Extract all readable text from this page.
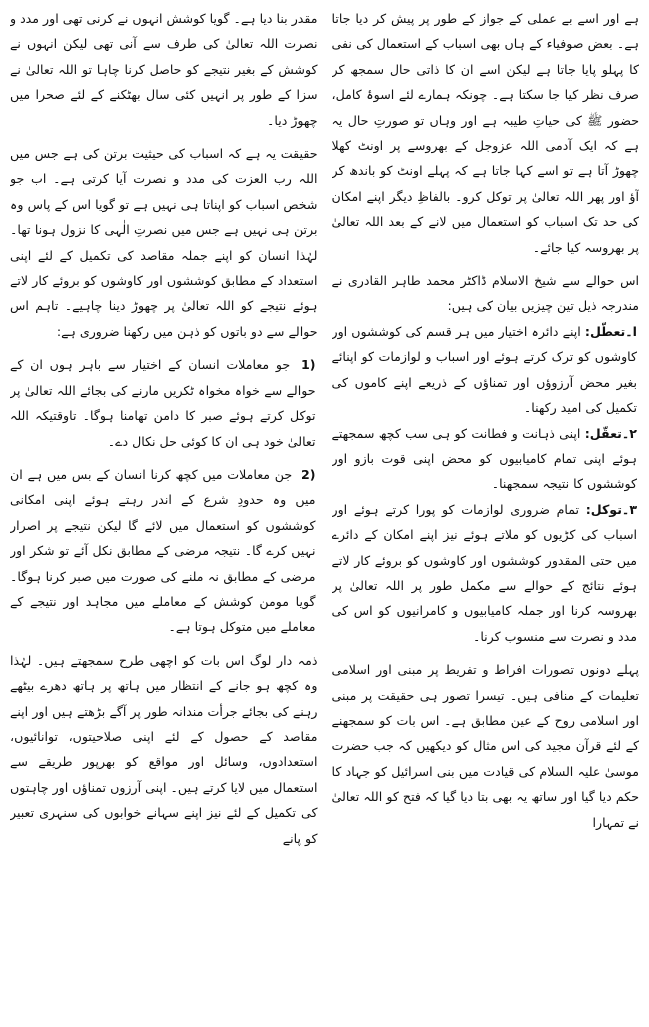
ہے اور اسے بے عملی کے جواز کے طور پر پیش کر دیا جاتا ہے۔ بعض صوفیاء کے ہاں بھی اسباب کے استعمال کی نفی کا پہلو پایا جاتا ہے لیکن اسے ان کا ذاتی حال سمجھ کر صرف نظر کیا جا سکتا ہے۔ چونکہ ہمارے لئے اسوۂ کامل، حضور ﷺ کی حیاتِ طیبہ ہے اور وہاں تو صورتِ حال یہ ہے کہ ایک آدمی اللہ عزوجل کے بھروسے پر اونٹ کھلا چھوڑ آتا ہے تو اسے کہا جاتا ہے کہ پہلے اونٹ کو باندھ کر آؤ اور پھر اللہ تعالیٰ پر توکل کرو۔ بالفاظِ دیگر اپنے امکان کی حد تک اسباب کو استعمال میں لانے کے بعد اللہ تعالیٰ پر بھروسہ کیا جائے۔

اس حوالے سے شیخ الاسلام ڈاکٹر محمد طاہر القادری نے مندرجہ ذیل تین چیزیں بیان کی ہیں:

ا۔تعطّل: اپنے دائرہ اختیار میں ہر قسم کی کوششوں اور کاوشوں کو ترک کرتے ہوئے اور اسباب و لوازمات کو اپنائے بغیر محض آرزوؤں اور تمناؤں کے ذریعے اپنے کاموں کی تکمیل کی امید رکھنا۔

۲۔تعقّل: اپنی ذہانت و فطانت کو ہی سب کچھ سمجھتے ہوئے اپنی تمام کامیابیوں کو محض اپنی قوت بازو اور کوششوں کا نتیجہ سمجھنا۔

۳۔توکل: تمام ضروری لوازمات کو پورا کرتے ہوئے اور اسباب کی کڑیوں کو ملاتے ہوئے نیز اپنے امکان کے دائرے میں حتی المقدور کوششوں اور کاوشوں کو بروئے کار لاتے ہوئے نتائج کے حوالے سے مکمل طور پر اللہ تعالیٰ پر بھروسہ کرنا اور جملہ کامیابیوں و کامرانیوں کو اس کی مدد و نصرت سے منسوب کرنا۔

پہلے دونوں تصورات افراط و تفریط پر مبنی اور اسلامی تعلیمات کے منافی ہیں۔ تیسرا تصور ہی حقیقت پر مبنی اور اسلامی روح کے عین مطابق ہے۔ اس بات کو سمجھنے کے لئے قرآن مجید کی اس مثال کو دیکھیں کہ جب حضرت موسیٰ علیہ السلام کی قیادت میں بنی اسرائیل کو جہاد کا حکم دیا گیا اور ساتھ یہ بھی بتا دیا گیا کہ فتح کو اللہ تعالیٰ نے تمہارا

مقدر بنا دیا ہے۔ گویا کوشش انہوں نے کرنی تھی اور مدد و نصرت اللہ تعالیٰ کی طرف سے آنی تھی لیکن انہوں نے کوشش کے بغیر نتیجے کو حاصل کرنا چاہا تو اللہ تعالیٰ نے سزا کے طور پر انہیں کئی سال بھٹکنے کے لئے صحرا میں چھوڑ دیا۔

حقیقت یہ ہے کہ اسباب کی حیثیت برتن کی ہے جس میں اللہ رب العزت کی مدد و نصرت آیا کرتی ہے۔ اب جو شخص اسباب کو اپناتا ہی نہیں ہے تو گویا اس کے پاس وہ برتن ہی نہیں ہے جس میں نصرتِ الٰہی کا نزول ہونا تھا۔ لہٰذا انسان کو اپنے جملہ مقاصد کی تکمیل کے لئے اپنی استعداد کے مطابق کوششوں اور کاوشوں کو بروئے کار لاتے ہوئے نتیجے کو اللہ تعالیٰ پر چھوڑ دینا چاہیے۔ تاہم اس حوالے سے دو باتوں کو ذہن میں رکھنا ضروری ہے:

(1 جو معاملات انسان کے اختیار سے باہر ہوں ان کے حوالے سے خواہ مخواہ ٹکریں مارنے کی بجائے اللہ تعالیٰ پر توکل کرتے ہوئے صبر کا دامن تھامنا ہوگا۔ تاوقتیکہ اللہ تعالیٰ خود ہی ان کا کوئی حل نکال دے۔

(2 جن معاملات میں کچھ کرنا انسان کے بس میں ہے ان میں وہ حدودِ شرع کے اندر رہتے ہوئے اپنی امکانی کوششوں کو استعمال میں لائے گا لیکن نتیجے پر اصرار نہیں کرے گا۔ نتیجہ مرضی کے مطابق نکل آئے تو شکر اور مرضی کے مطابق نہ ملنے کی صورت میں صبر کرنا ہوگا۔ گویا مومن کوشش کے معاملے میں مجاہد اور نتیجے کے معاملے میں متوکل ہوتا ہے۔

ذمہ دار لوگ اس بات کو اچھی طرح سمجھتے ہیں۔ لہٰذا وہ کچھ ہو جانے کے انتظار میں ہاتھ پر ہاتھ دھرے بیٹھے رہنے کی بجائے جرأت مندانہ طور پر آگے بڑھتے ہیں اور اپنے مقاصد کے حصول کے لئے اپنی صلاحیتوں، توانائیوں، استعدادوں، وسائل اور مواقع کو بھرپور طریقے سے استعمال میں لایا کرتے ہیں۔ اپنی آرزوں تمناؤں اور چاہتوں کی تکمیل کے لئے نیز اپنے سہانے خوابوں کی سنہری تعبیر کو پانے
